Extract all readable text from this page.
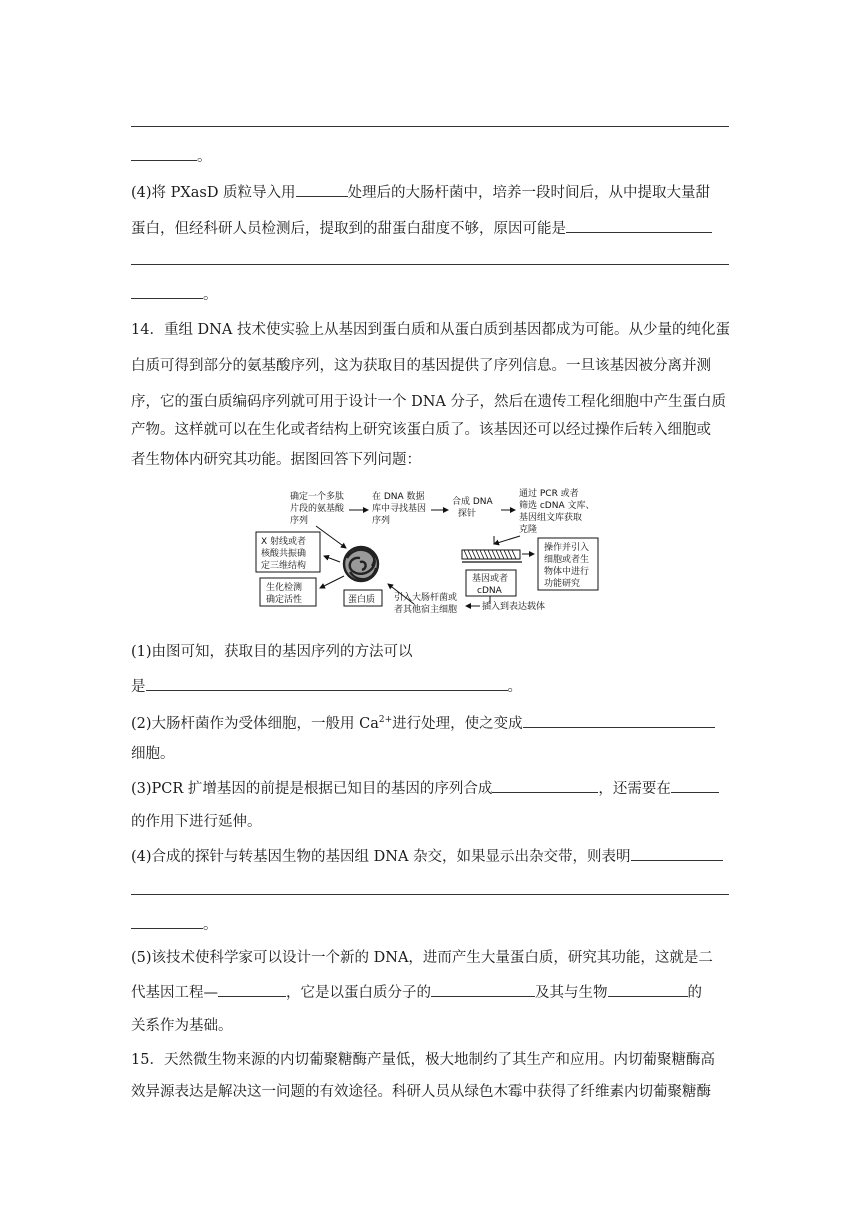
。
(4)将 PXasD 质粒导入用	处理后的大肠杆菌中，培养一段时间后，从中提取大量甜
蛋白，但经科研人员检测后，提取到的甜蛋白甜度不够，原因可能是
。
14．重组 DNA 技术使实验上从基因到蛋白质和从蛋白质到基因都成为可能。从少量的纯化蛋
白质可得到部分的氨基酸序列，这为获取目的基因提供了序列信息。一旦该基因被分离并测
序，它的蛋白质编码序列就可用于设计一个 DNA 分子，然后在遗传工程化细胞中产生蛋白质
产物。这样就可以在生化或者结构上研究该蛋白质了。该基因还可以经过操作后转入细胞或
者生物体内研究其功能。据图回答下列问题：
确定一个多肽
片段的氨基酸
序列
在 DNA 数据
库中寻找基因
序列
合成 DNA
探针
通过 PCR 或者
筛选 cDNA 文库、
基因组文库获取
克隆
X 射线或者
核酸共振确
定三维结构
生化检测
确定活性	蛋白质 引入大肠杆菌或
者其他宿主细胞	插入到表达载体
基因或者
cDNA
操作并引入
细胞或者生
物体中进行
功能研究
(1)由图可知，获取目的基因序列的方法可以
是	。
(2)大肠杆菌作为受体细胞，一般用 $Ca^{2+}$进行处理，使之变成
细胞。
(3)PCR 扩增基因的前提是根据已知目的基因的序列合成	，还需要在
的作用下进行延伸。
(4)合成的探针与转基因生物的基因组 DNA 杂交，如果显示出杂交带，则表明
。
(5)该技术使科学家可以设计一个新的 DNA，进而产生大量蛋白质，研究其功能，这就是二
代基因工程—	，它是以蛋白质分子的	及其与生物	的
关系作为基础。
15．天然微生物来源的内切葡聚糖酶产量低，极大地制约了其生产和应用。内切葡聚糖酶高
效异源表达是解决这一问题的有效途径。科研人员从绿色木霉中获得了纤维素内切葡聚糖酶
